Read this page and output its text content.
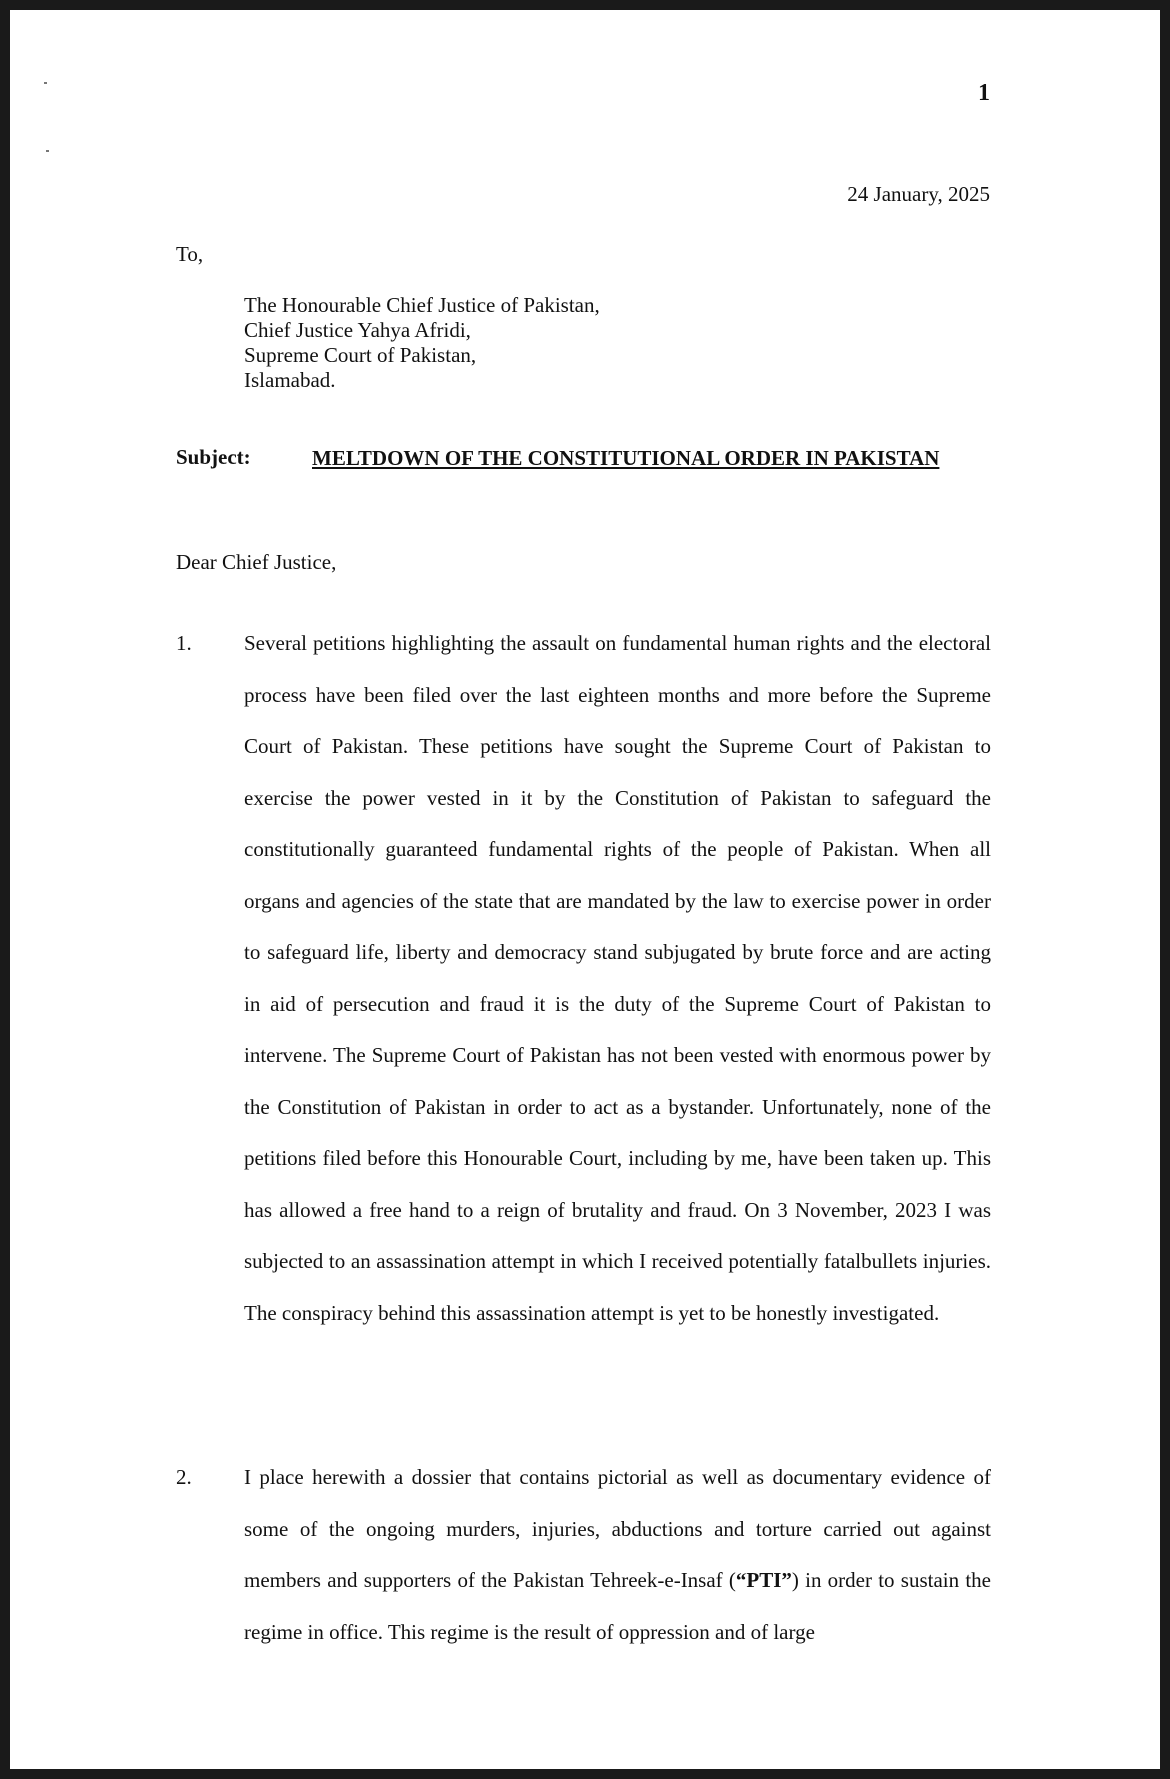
1
24 January, 2025
To,
The Honourable Chief Justice of Pakistan,
Chief Justice Yahya Afridi,
Supreme Court of Pakistan,
Islamabad.
Subject:	MELTDOWN OF THE CONSTITUTIONAL ORDER IN PAKISTAN
Dear Chief Justice,
1. Several petitions highlighting the assault on fundamental human rights and the electoral process have been filed over the last eighteen months and more before the Supreme Court of Pakistan. These petitions have sought the Supreme Court of Pakistan to exercise the power vested in it by the Constitution of Pakistan to safeguard the constitutionally guaranteed fundamental rights of the people of Pakistan. When all organs and agencies of the state that are mandated by the law to exercise power in order to safeguard life, liberty and democracy stand subjugated by brute force and are acting in aid of persecution and fraud it is the duty of the Supreme Court of Pakistan to intervene. The Supreme Court of Pakistan has not been vested with enormous power by the Constitution of Pakistan in order to act as a bystander. Unfortunately, none of the petitions filed before this Honourable Court, including by me, have been taken up. This has allowed a free hand to a reign of brutality and fraud. On 3 November, 2023 I was subjected to an assassination attempt in which I received potentially fatalbullets injuries. The conspiracy behind this assassination attempt is yet to be honestly investigated.
2. I place herewith a dossier that contains pictorial as well as documentary evidence of some of the ongoing murders, injuries, abductions and torture carried out against members and supporters of the Pakistan Tehreek-e-Insaf (“PTI”) in order to sustain the regime in office. This regime is the result of oppression and of large
